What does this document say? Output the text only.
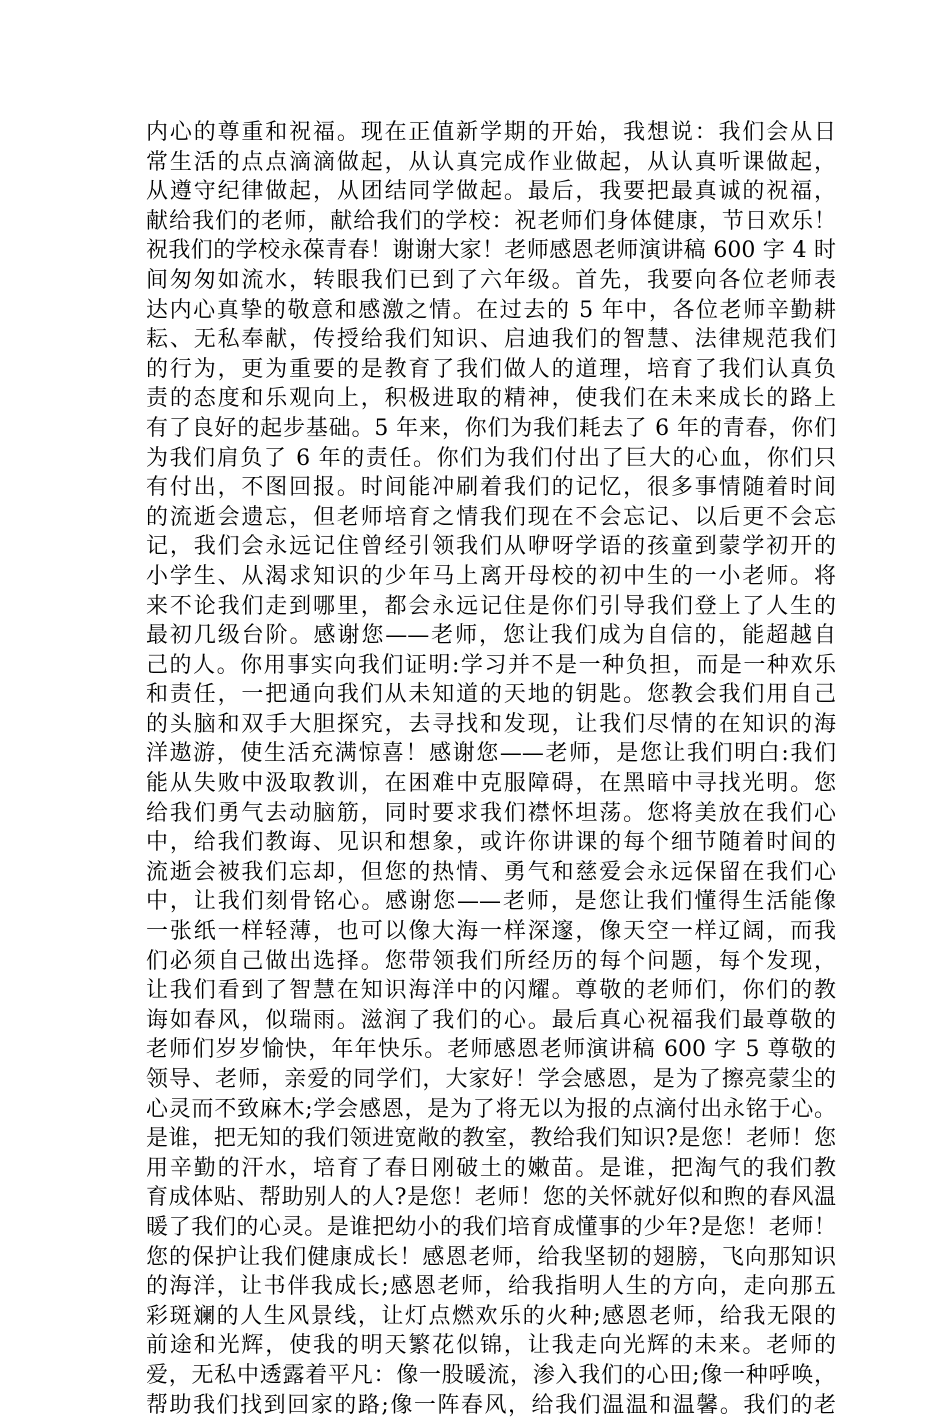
内心的尊重和祝福。现在正值新学期的开始，我想说：我们会从日
常生活的点点滴滴做起，从认真完成作业做起，从认真听课做起，
从遵守纪律做起，从团结同学做起。最后，我要把最真诚的祝福，
献给我们的老师，献给我们的学校：祝老师们身体健康，节日欢乐！
祝我们的学校永葆青春！谢谢大家！老师感恩老师演讲稿 600 字 4 时
间匆匆如流水，转眼我们已到了六年级。首先，我要向各位老师表
达内心真挚的敬意和感激之情。在过去的 5 年中，各位老师辛勤耕
耘、无私奉献，传授给我们知识、启迪我们的智慧、法律规范我们
的行为，更为重要的是教育了我们做人的道理，培育了我们认真负
责的态度和乐观向上，积极进取的精神，使我们在未来成长的路上
有了良好的起步基础。5 年来，你们为我们耗去了 6 年的青春，你们
为我们肩负了 6 年的责任。你们为我们付出了巨大的心血，你们只
有付出，不图回报。时间能冲刷着我们的记忆，很多事情随着时间
的流逝会遗忘，但老师培育之情我们现在不会忘记、以后更不会忘
记，我们会永远记住曾经引领我们从咿呀学语的孩童到蒙学初开的
小学生、从渴求知识的少年马上离开母校的初中生的一小老师。将
来不论我们走到哪里，都会永远记住是你们引导我们登上了人生的
最初几级台阶。感谢您——老师，您让我们成为自信的，能超越自
己的人。你用事实向我们证明:学习并不是一种负担，而是一种欢乐
和责任，一把通向我们从未知道的天地的钥匙。您教会我们用自己
的头脑和双手大胆探究，去寻找和发现，让我们尽情的在知识的海
洋遨游，使生活充满惊喜！感谢您——老师，是您让我们明白:我们
能从失败中汲取教训，在困难中克服障碍，在黑暗中寻找光明。您
给我们勇气去动脑筋，同时要求我们襟怀坦荡。您将美放在我们心
中，给我们教诲、见识和想象，或许你讲课的每个细节随着时间的
流逝会被我们忘却，但您的热情、勇气和慈爱会永远保留在我们心
中，让我们刻骨铭心。感谢您——老师，是您让我们懂得生活能像
一张纸一样轻薄，也可以像大海一样深邃，像天空一样辽阔，而我
们必须自己做出选择。您带领我们所经历的每个问题，每个发现，
让我们看到了智慧在知识海洋中的闪耀。尊敬的老师们，你们的教
诲如春风，似瑞雨。滋润了我们的心。最后真心祝福我们最尊敬的
老师们岁岁愉快，年年快乐。老师感恩老师演讲稿 600 字 5 尊敬的
领导、老师，亲爱的同学们，大家好！学会感恩，是为了擦亮蒙尘的
心灵而不致麻木;学会感恩，是为了将无以为报的点滴付出永铭于心。
是谁，把无知的我们领进宽敞的教室，教给我们知识?是您！老师！您
用辛勤的汗水，培育了春日刚破土的嫩苗。是谁，把淘气的我们教
育成体贴、帮助别人的人?是您！老师！您的关怀就好似和煦的春风温
暖了我们的心灵。是谁把幼小的我们培育成懂事的少年?是您！老师！
您的保护让我们健康成长！感恩老师，给我坚韧的翅膀，飞向那知识
的海洋，让书伴我成长;感恩老师，给我指明人生的方向，走向那五
彩斑斓的人生风景线，让灯点燃欢乐的火种;感恩老师，给我无限的
前途和光辉，使我的明天繁花似锦，让我走向光辉的未来。老师的
爱，无私中透露着平凡：像一股暖流，渗入我们的心田;像一种呼唤，
帮助我们找到回家的路;像一阵春风，给我们温温和温馨。我们的老
